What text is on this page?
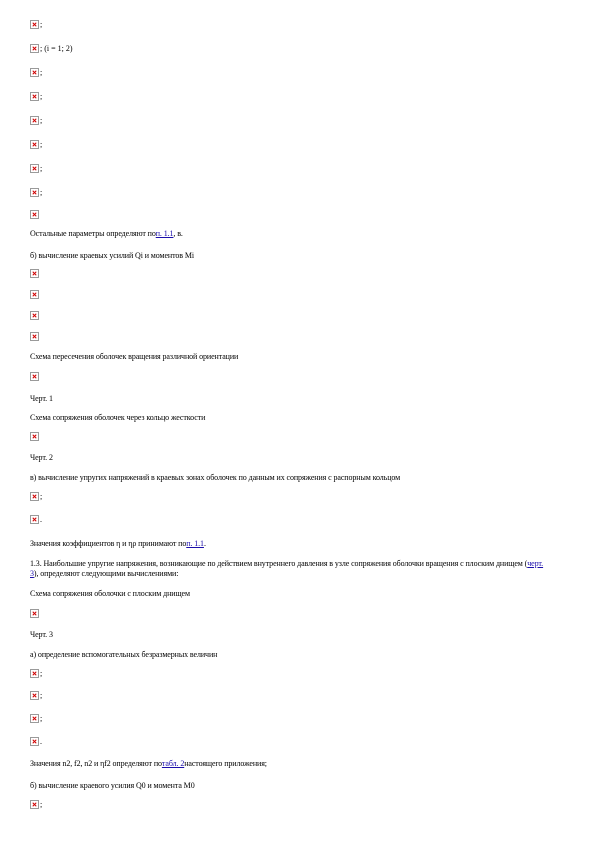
;
; (i = 1; 2)
;
;
;
;
;
;
Остальные параметры определяют по п. 1.1 , в.
б) вычисление краевых усилий Qi и моментов Mi
Схема пересечения оболочек вращения различной ориентации
Черт. 1
Схема сопряжения оболочек через кольцо жесткости
Черт. 2
в) вычисление упругих напряжений в краевых зонах оболочек по данным их сопряжения с распорным кольцом
;
.
Значения коэффициентов η и ηρ принимают по п. 1.1 .
1.3. Наибольшие упругие напряжения, возникающие по действием внутреннего давления в узле сопряжения оболочки вращения с плоским днищем (черт. 3), определяют следующими вычислениями:
Схема сопряжения оболочки с плоским днищем
Черт. 3
а) определение вспомогательных безразмерных величин
;
;
;
.
Значения n2, f2, n2 и ηf2 определяют по табл. 2 настоящего приложения;
б) вычисление краевого усилия Q0 и момента M0
;
